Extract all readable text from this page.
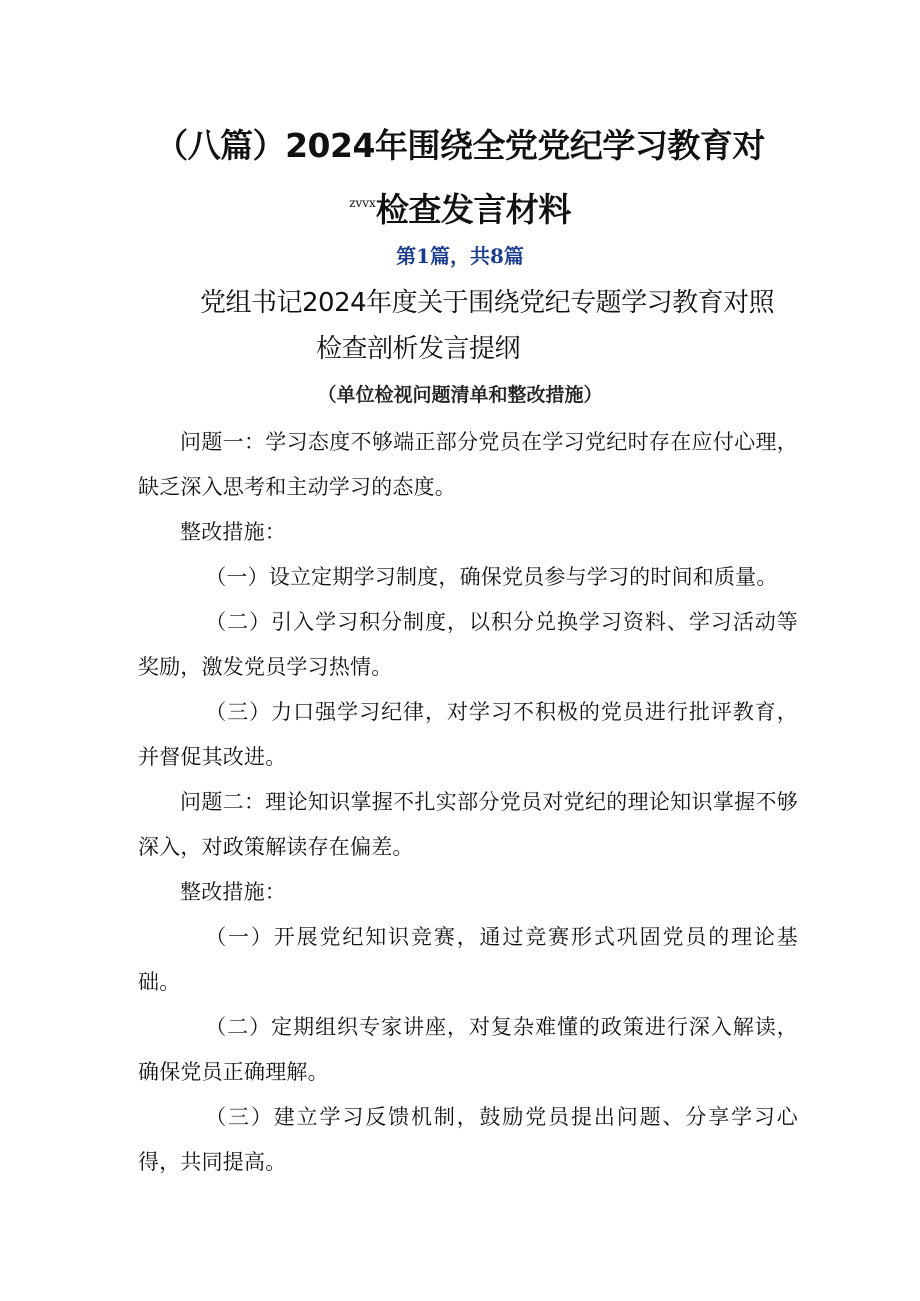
（八篇）2024年围绕全党党纪学习教育对
$^{zvvx}$检查发言材料
第1篇，共8篇
党组书记2024年度关于围绕党纪专题学习教育对照
检查剖析发言提纲
（单位检视问题清单和整改措施）

问题一：学习态度不够端正部分党员在学习党纪时存在应付心理，缺乏深入思考和主动学习的态度。

整改措施：

（一）设立定期学习制度，确保党员参与学习的时间和质量。

（二）引入学习积分制度，以积分兑换学习资料、学习活动等奖励，激发党员学习热情。

（三）力口强学习纪律，对学习不积极的党员进行批评教育，并督促其改进。

问题二：理论知识掌握不扎实部分党员对党纪的理论知识掌握不够深入，对政策解读存在偏差。

整改措施：

（一）开展党纪知识竞赛，通过竞赛形式巩固党员的理论基础。

（二）定期组织专家讲座，对复杂难懂的政策进行深入解读，确保党员正确理解。

（三）建立学习反馈机制，鼓励党员提出问题、分享学习心得，共同提高。
